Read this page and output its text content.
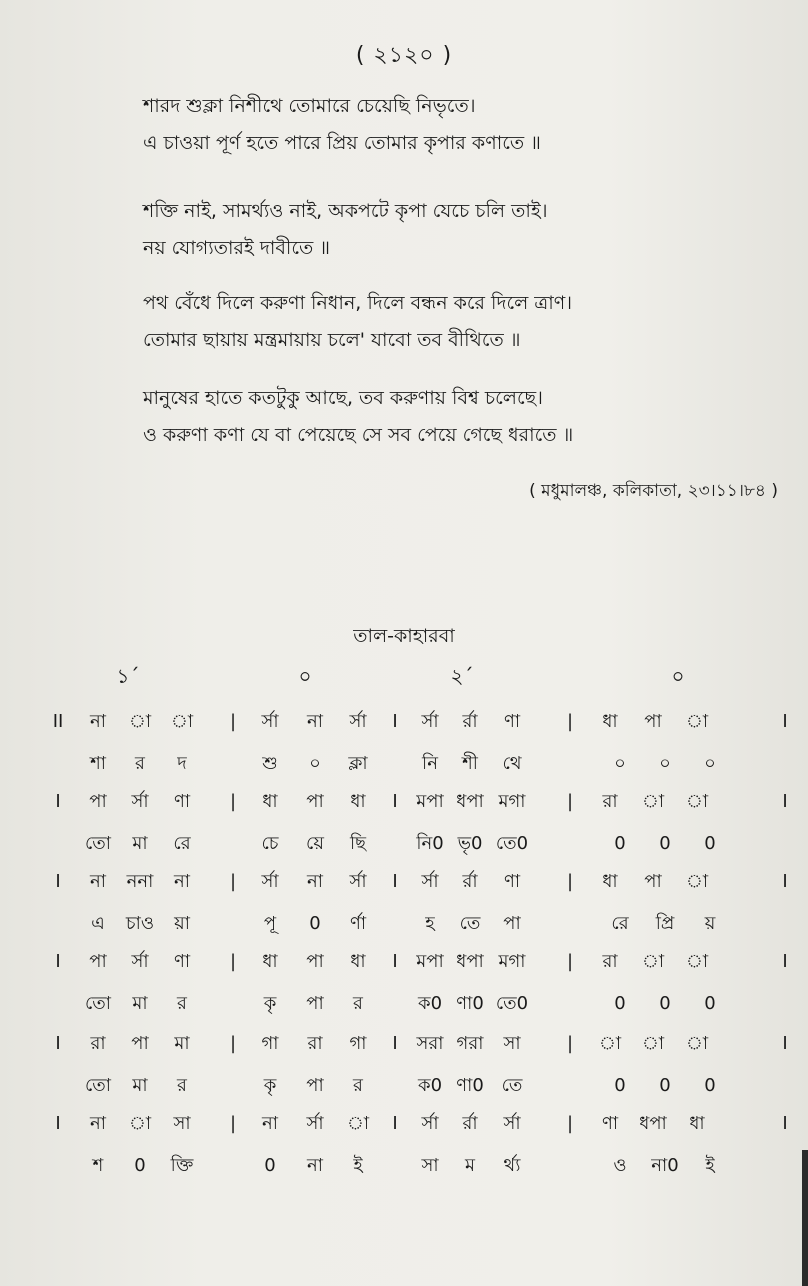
( ২১২০ )
শারদ শুক্লা নিশীথে তোমারে চেয়েছি নিভৃতে।
এ চাওয়া পূর্ণ হতে পারে প্রিয় তোমার কৃপার কণাতে ॥
শক্তি নাই, সামর্থ্যও নাই, অকপটে কৃপা যেচে চলি তাই।
নয় যোগ্যতারই দাবীতে ॥
পথ বেঁধে দিলে করুণা নিধান, দিলে বন্ধন করে দিলে ত্রাণ।
তোমার ছায়ায় মন্ত্রমায়ায় চলে' যাবো তব বীথিতে ॥
মানুষের হাতে কতটুকু আছে, তব করুণায় বিশ্ব চলেছে।
ও করুণা কণা যে বা পেয়েছে সে সব পেয়ে গেছে ধরাতে ॥
( মধুমালঞ্চ, কলিকাতা, ২৩।১১।৮৪ )
তাল-কাহারবা
১´	০	২´	০
II না া া | র্সা না র্সা I র্সা র্রা ণা	| ধা পা া	I
শা র দ	শু ০ ক্লা	নি শী থে	০ ০ ০
I পা র্সা ণা | ধা পা ধা I মপা ধপা মগা | রা া া	I
তো মা রে	চে য়ে ছি	নি0 ভৃ0 তে0	0 0 0
I না ননা না | র্সা না র্সা I র্সা র্রা ণা	| ধা পা া	I
এ চাও য়া	পূ 0 র্ণা	হ তে পা	রে প্রি য়
I পা র্সা ণা | ধা পা ধা I মপা ধপা মগা | রা া া	I
তো মা র	কৃ পা র	ক0 ণা0 তে0	0 0 0
I রা পা মা | গা রা গা I সরা গরা সা	| া া া	I
তো মা র	কৃ পা র	ক0 ণা0 তে	0 0 0
I না া সা | না র্সা া I র্সা র্রা র্সা	| ণা ধপা ধা	I
শ 0 ক্তি	0 না ই	সা ম র্থ্য	ও না0 ই
